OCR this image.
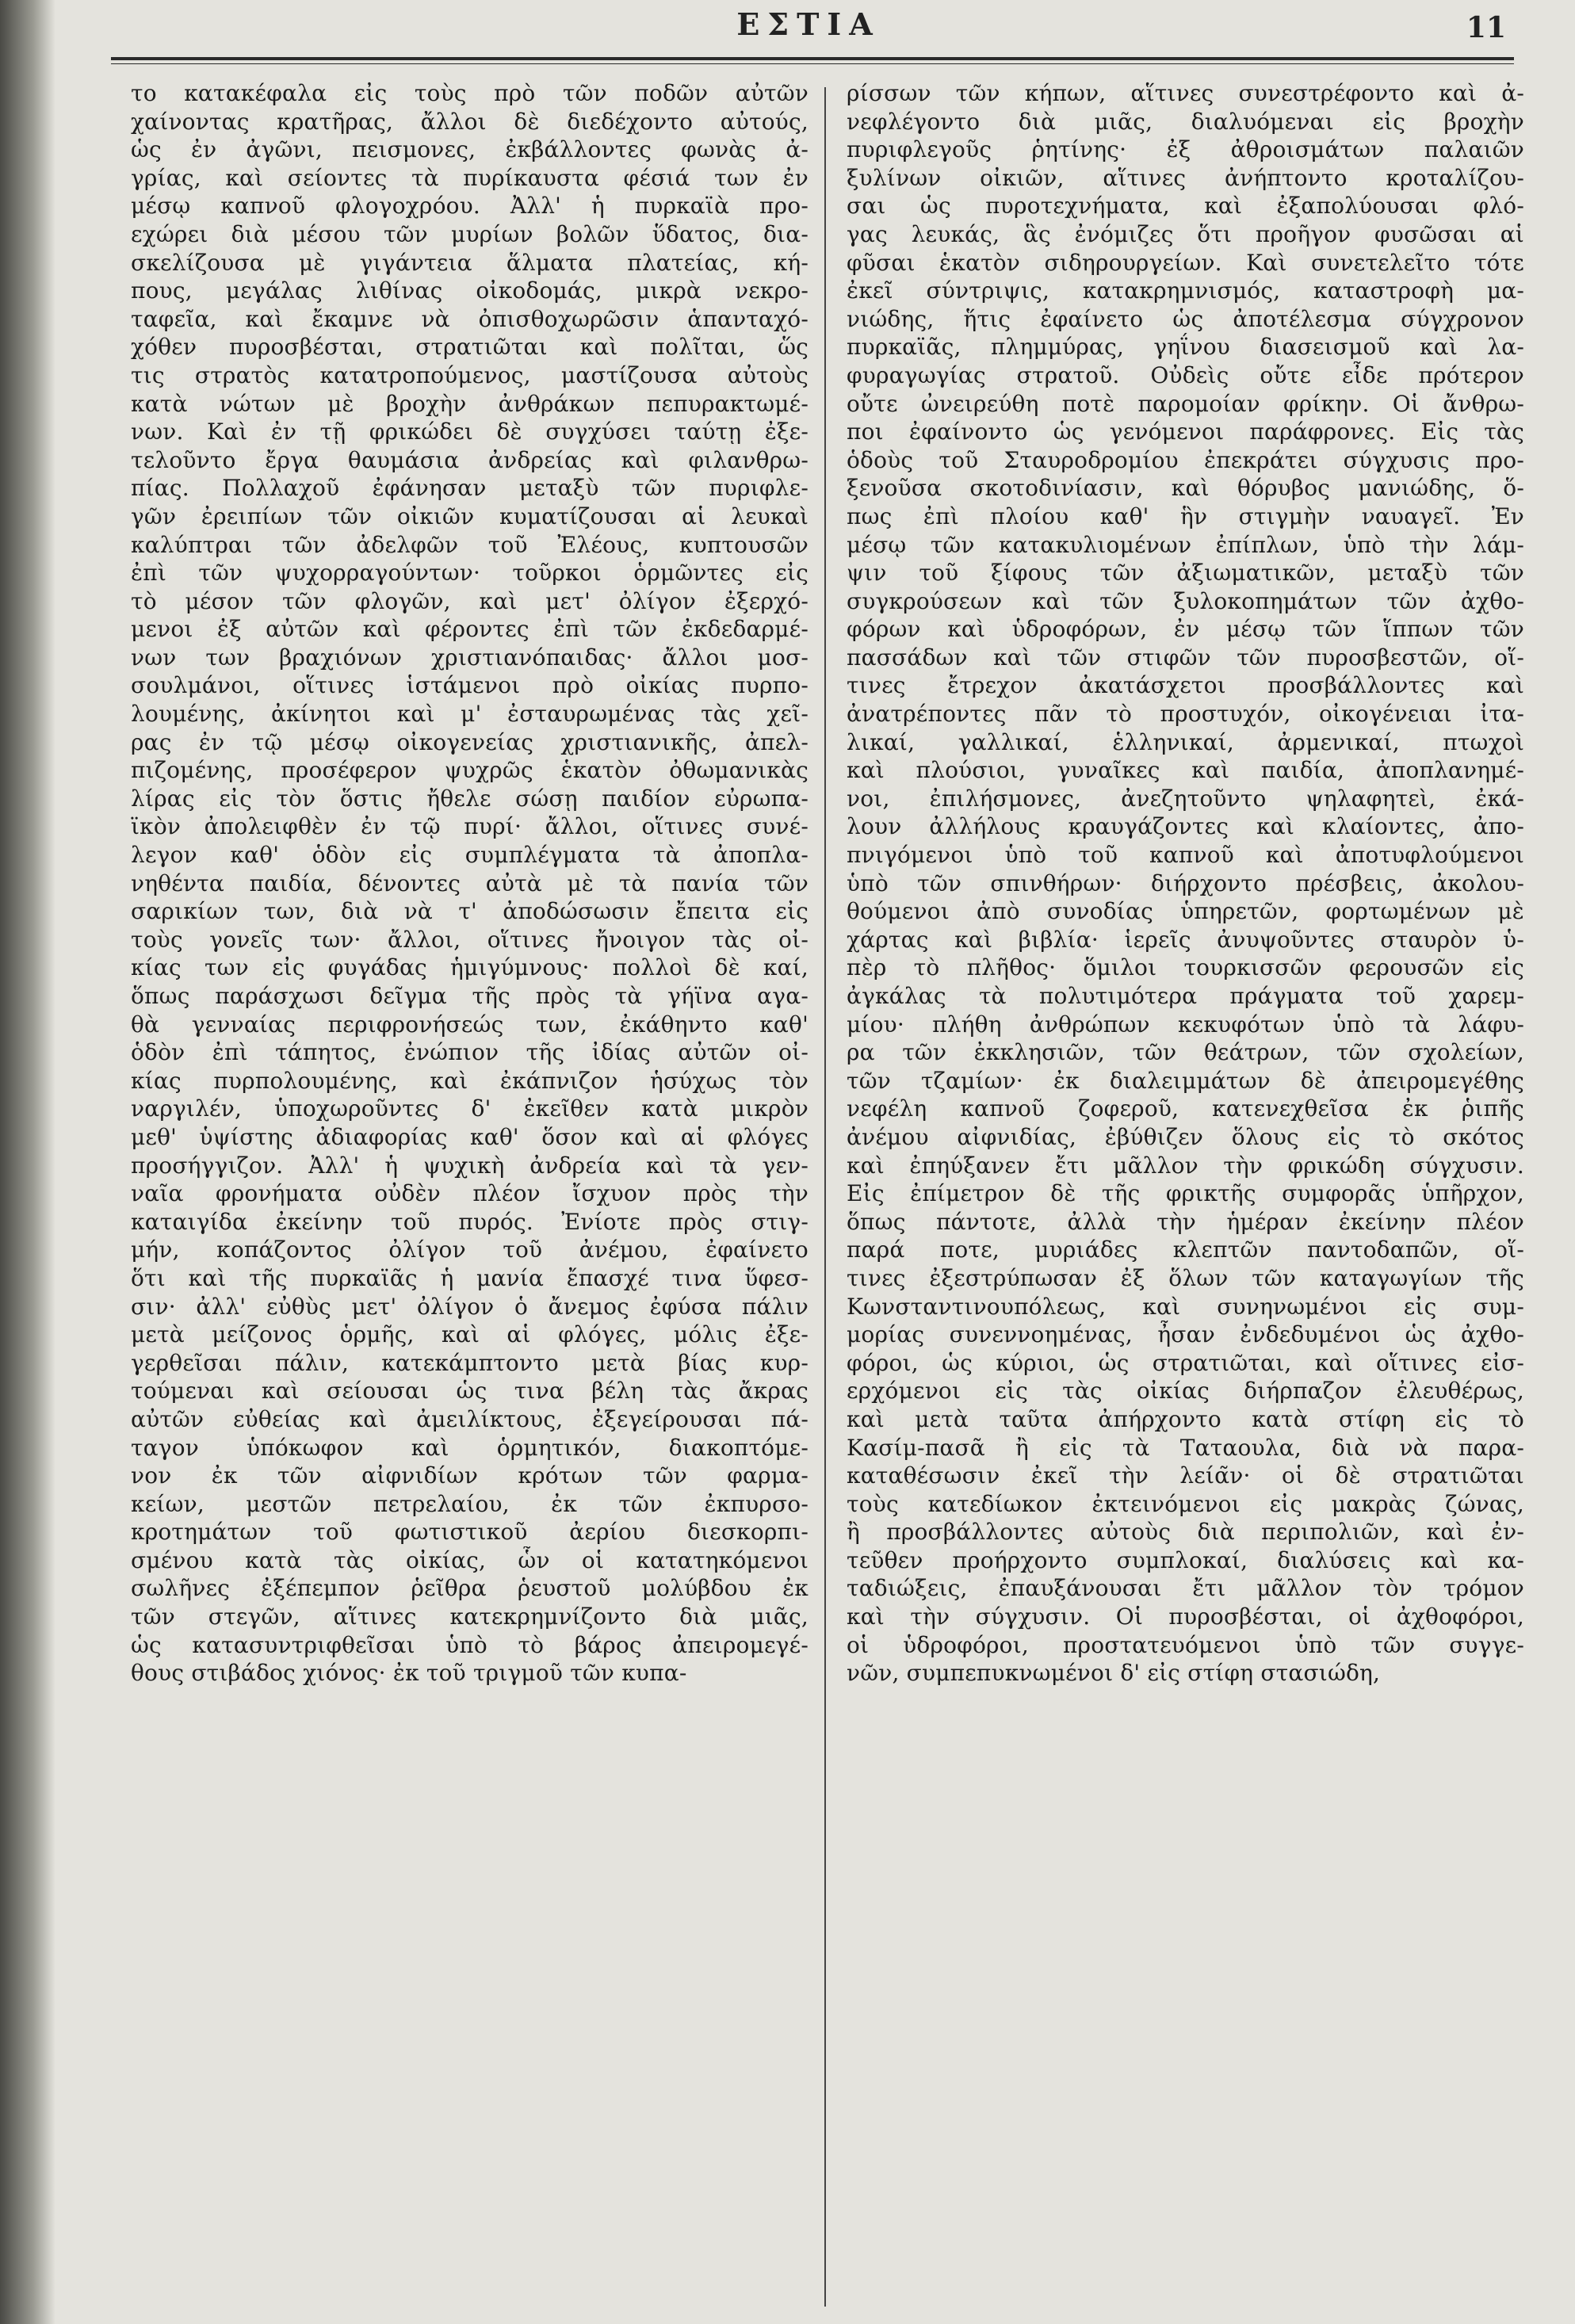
ΕΣΤΙΑ	11
το κατακέφαλα εἰς τοὺς πρὸ τῶν ποδῶν αὐτῶν
χαίνοντας κρατῆρας, ἄλλοι δὲ διεδέχοντο αὐτούς,
ὡς ἐν ἀγῶνι, πεισμονες, ἐκβάλλοντες φωνὰς ἀ-
γρίας, καὶ σείοντες τὰ πυρίκαυστα φέσιά των ἐν
μέσῳ καπνοῦ φλογοχρόου. Ἀλλ' ἡ πυρκαϊὰ προ-
εχώρει διὰ μέσου τῶν μυρίων βολῶν ὕδατος, δια-
σκελίζουσα μὲ γιγάντεια ἅλματα πλατείας, κή-
πους, μεγάλας λιθίνας οἰκοδομάς, μικρὰ νεκρο-
ταφεῖα, καὶ ἔκαμνε νὰ ὀπισθοχωρῶσιν ἁπανταχό-
χόθεν πυροσβέσται, στρατιῶται καὶ πολῖται, ὥς
τις στρατὸς κατατροπούμενος, μαστίζουσα αὐτοὺς
κατὰ νώτων μὲ βροχὴν ἀνθράκων πεπυρακτωμέ-
νων. Καὶ ἐν τῇ φρικώδει δὲ συγχύσει ταύτῃ ἐξε-
τελοῦντο ἔργα θαυμάσια ἀνδρείας καὶ φιλανθρω-
πίας. Πολλαχοῦ ἐφάνησαν μεταξὺ τῶν πυριφλε-
γῶν ἐρειπίων τῶν οἰκιῶν κυματίζουσαι αἱ λευκαὶ
καλύπτραι τῶν ἀδελφῶν τοῦ Ἐλέους, κυπτουσῶν
ἐπὶ τῶν ψυχορραγούντων· τοῦρκοι ὁρμῶντες εἰς
τὸ μέσον τῶν φλογῶν, καὶ μετ' ὀλίγον ἐξερχό-
μενοι ἐξ αὐτῶν καὶ φέροντες ἐπὶ τῶν ἐκδεδαρμέ-
νων των βραχιόνων χριστιανόπαιδας· ἄλλοι μοσ-
σουλμάνοι, οἵτινες ἱστάμενοι πρὸ οἰκίας πυρπο-
λουμένης, ἀκίνητοι καὶ μ' ἐσταυρωμένας τὰς χεῖ-
ρας ἐν τῷ μέσῳ οἰκογενείας χριστιανικῆς, ἀπελ-
πιζομένης, προσέφερον ψυχρῶς ἑκατὸν ὀθωμανικὰς
λίρας εἰς τὸν ὅστις ἤθελε σώσῃ παιδίον εὐρωπα-
ϊκὸν ἀπολειφθὲν ἐν τῷ πυρί· ἄλλοι, οἵτινες συνέ-
λεγον καθ' ὁδὸν εἰς συμπλέγματα τὰ ἀποπλα-
νηθέντα παιδία, δένοντες αὐτὰ μὲ τὰ πανία τῶν
σαρικίων των, διὰ νὰ τ' ἀποδώσωσιν ἔπειτα εἰς
τοὺς γονεῖς των· ἄλλοι, οἵτινες ἤνοιγον τὰς οἰ-
κίας των εἰς φυγάδας ἡμιγύμνους· πολλοὶ δὲ καί,
ὅπως παράσχωσι δεῖγμα τῆς πρὸς τὰ γήϊνα αγα-
θὰ γενναίας περιφρονήσεώς των, ἐκάθηντο καθ'
ὁδὸν ἐπὶ τάπητος, ἐνώπιον τῆς ἰδίας αὐτῶν οἰ-
κίας πυρπολουμένης, καὶ ἐκάπνιζον ἡσύχως τὸν
ναργιλέν, ὑποχωροῦντες δ' ἐκεῖθεν κατὰ μικρὸν
μεθ' ὑψίστης ἀδιαφορίας καθ' ὅσον καὶ αἱ φλόγες
προσήγγιζον. Ἀλλ' ἡ ψυχικὴ ἀνδρεία καὶ τὰ γεν-
ναῖα φρονήματα οὐδὲν πλέον ἴσχυον πρὸς τὴν
καταιγίδα ἐκείνην τοῦ πυρός. Ἐνίοτε πρὸς στιγ-
μήν, κοπάζοντος ὀλίγον τοῦ ἀνέμου, ἐφαίνετο
ὅτι καὶ τῆς πυρκαϊᾶς ἡ μανία ἔπασχέ τινα ὕφεσ-
σιν· ἀλλ' εὐθὺς μετ' ὀλίγον ὁ ἄνεμος ἐφύσα πάλιν
μετὰ μείζονος ὁρμῆς, καὶ αἱ φλόγες, μόλις ἐξε-
γερθεῖσαι πάλιν, κατεκάμπτοντο μετὰ βίας κυρ-
τούμεναι καὶ σείουσαι ὡς τινα βέλη τὰς ἄκρας
αὐτῶν εὐθείας καὶ ἀμειλίκτους, ἐξεγείρουσαι πά-
ταγον ὑπόκωφον καὶ ὁρμητικόν, διακοπτόμε-
νον ἐκ τῶν αἰφνιδίων κρότων τῶν φαρμα-
κείων, μεστῶν πετρελαίου, ἐκ τῶν ἐκπυρσο-
κροτημάτων τοῦ φωτιστικοῦ ἀερίου διεσκορπι-
σμένου κατὰ τὰς οἰκίας, ὧν οἱ κατατηκόμενοι
σωλῆνες ἐξέπεμπον ῥεῖθρα ῥευστοῦ μολύβδου ἐκ
τῶν στεγῶν, αἵτινες κατεκρημνίζοντο διὰ μιᾶς,
ὡς κατασυντριφθεῖσαι ὑπὸ τὸ βάρος ἀπειρομεγέ-
θους στιβάδος χιόνος· ἐκ τοῦ τριγμοῦ τῶν κυπα-
ρίσσων τῶν κήπων, αἵτινες συνεστρέφοντο καὶ ἀ-
νεφλέγοντο διὰ μιᾶς, διαλυόμεναι εἰς βροχὴν
πυριφλεγοῦς ῥητίνης· ἐξ ἀθροισμάτων παλαιῶν
ξυλίνων οἰκιῶν, αἵτινες ἀνήπτοντο κροταλίζου-
σαι ὡς πυροτεχνήματα, καὶ ἐξαπολύουσαι φλό-
γας λευκάς, ἃς ἐνόμιζες ὅτι προῆγον φυσῶσαι αἱ
φῦσαι ἑκατὸν σιδηρουργείων. Καὶ συνετελεῖτο τότε
ἐκεῖ σύντριψις, κατακρημνισμός, καταστροφὴ μα-
νιώδης, ἥτις ἐφαίνετο ὡς ἀποτέλεσμα σύγχρονον
πυρκαϊᾶς, πλημμύρας, γηΐνου διασεισμοῦ καὶ λα-
φυραγωγίας στρατοῦ. Οὐδεὶς οὔτε εἶδε πρότερον
οὔτε ὠνειρεύθη ποτὲ παρομοίαν φρίκην. Οἱ ἄνθρω-
ποι ἐφαίνοντο ὡς γενόμενοι παράφρονες. Εἰς τὰς
ὁδοὺς τοῦ Σταυροδρομίου ἐπεκράτει σύγχυσις προ-
ξενοῦσα σκοτοδινίασιν, καὶ θόρυβος μανιώδης, ὅ-
πως ἐπὶ πλοίου καθ' ἣν στιγμὴν ναυαγεῖ. Ἐν
μέσῳ τῶν κατακυλιομένων ἐπίπλων, ὑπὸ τὴν λάμ-
ψιν τοῦ ξίφους τῶν ἀξιωματικῶν, μεταξὺ τῶν
συγκρούσεων καὶ τῶν ξυλοκοπημάτων τῶν ἀχθο-
φόρων καὶ ὑδροφόρων, ἐν μέσῳ τῶν ἵππων τῶν
πασσάδων καὶ τῶν στιφῶν τῶν πυροσβεστῶν, οἵ-
τινες ἔτρεχον ἀκατάσχετοι προσβάλλοντες καὶ
ἀνατρέποντες πᾶν τὸ προστυχόν, οἰκογένειαι ἰτα-
λικαί, γαλλικαί, ἑλληνικαί, ἀρμενικαί, πτωχοὶ
καὶ πλούσιοι, γυναῖκες καὶ παιδία, ἀποπλανημέ-
νοι, ἐπιλήσμονες, ἀνεζητοῦντο ψηλαφητεὶ, ἐκά-
λουν ἀλλήλους κραυγάζοντες καὶ κλαίοντες, ἀπο-
πνιγόμενοι ὑπὸ τοῦ καπνοῦ καὶ ἀποτυφλούμενοι
ὑπὸ τῶν σπινθήρων· διήρχοντο πρέσβεις, ἀκολου-
θούμενοι ἀπὸ συνοδίας ὑπηρετῶν, φορτωμένων μὲ
χάρτας καὶ βιβλία· ἱερεῖς ἀνυψοῦντες σταυρὸν ὑ-
πὲρ τὸ πλῆθος· ὅμιλοι τουρκισσῶν φερουσῶν εἰς
ἀγκάλας τὰ πολυτιμότερα πράγματα τοῦ χαρεμ-
μίου· πλήθη ἀνθρώπων κεκυφότων ὑπὸ τὰ λάφυ-
ρα τῶν ἐκκλησιῶν, τῶν θεάτρων, τῶν σχολείων,
τῶν τζαμίων· ἐκ διαλειμμάτων δὲ ἀπειρομεγέθης
νεφέλη καπνοῦ ζοφεροῦ, κατενεχθεῖσα ἐκ ῥιπῆς
ἀνέμου αἰφνιδίας, ἐβύθιζεν ὅλους εἰς τὸ σκότος
καὶ ἐπηύξανεν ἔτι μᾶλλον τὴν φρικώδη σύγχυσιν.
Εἰς ἐπίμετρον δὲ τῆς φρικτῆς συμφορᾶς ὑπῆρχον,
ὅπως πάντοτε, ἀλλὰ τὴν ἡμέραν ἐκείνην πλέον
παρά ποτε, μυριάδες κλεπτῶν παντοδαπῶν, οἵ-
τινες ἐξεστρύπωσαν ἐξ ὅλων τῶν καταγωγίων τῆς
Κωνσταντινουπόλεως, καὶ συνηνωμένοι εἰς συμ-
μορίας συνεννοημένας, ἦσαν ἐνδεδυμένοι ὡς ἀχθο-
φόροι, ὡς κύριοι, ὡς στρατιῶται, καὶ οἵτινες εἰσ-
ερχόμενοι εἰς τὰς οἰκίας διήρπαζον ἐλευθέρως,
καὶ μετὰ ταῦτα ἀπήρχοντο κατὰ στίφη εἰς τὸ
Κασίμ-πασᾶ ἢ εἰς τὰ Ταταουλα, διὰ νὰ παρα-
καταθέσωσιν ἐκεῖ τὴν λεία̃ν· οἱ δὲ στρατιῶται
τοὺς κατεδίωκον ἐκτεινόμενοι εἰς μακρὰς ζώνας,
ἢ προσβάλλοντες αὐτοὺς διὰ περιπολιῶν, καὶ ἐν-
τεῦθεν προήρχοντο συμπλοκαί, διαλύσεις καὶ κα-
ταδιώξεις, ἐπαυξάνουσαι ἔτι μᾶλλον τὸν τρόμον
καὶ τὴν σύγχυσιν. Οἱ πυροσβέσται, οἱ ἀχθοφόροι,
οἱ ὑδροφόροι, προστατευόμενοι ὑπὸ τῶν συγγε-
νῶν, συμπεπυκνωμένοι δ' εἰς στίφη στασιώδη,
